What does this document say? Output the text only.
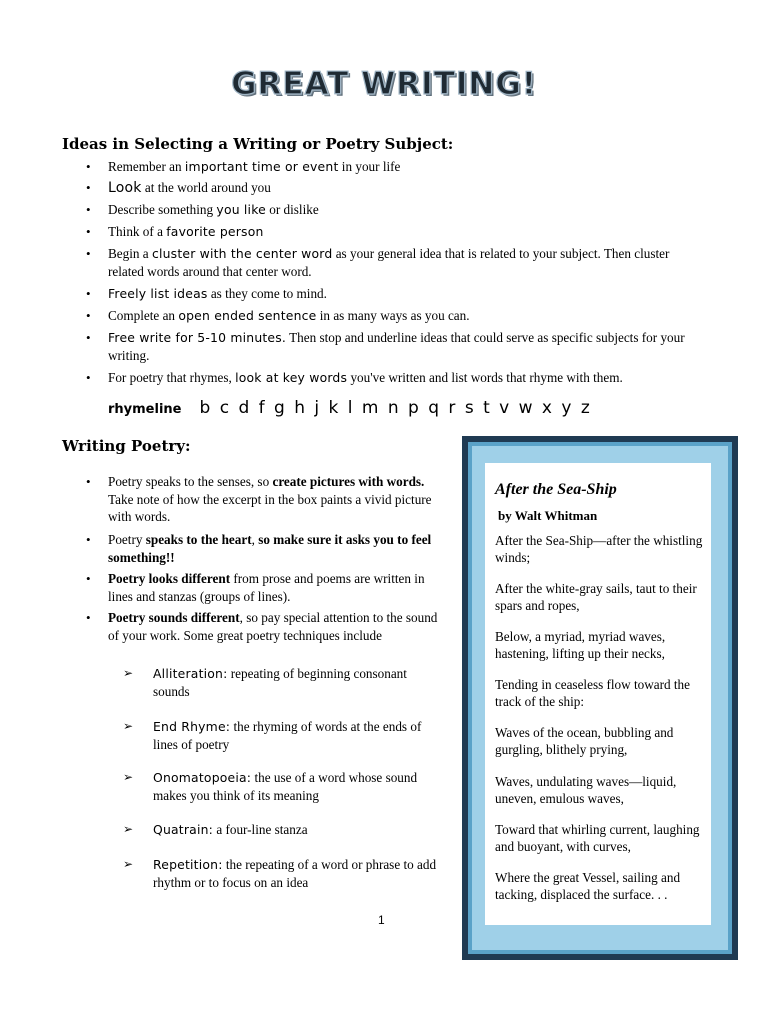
GREAT WRITING!
Ideas in Selecting a Writing or Poetry Subject:
• Remember an important time or event in your life
• Look at the world around you
• Describe something you like or dislike
• Think of a favorite person
• Begin a cluster with the center word as your general idea that is related to your subject. Then cluster related words around that center word.
• Freely list ideas as they come to mind.
• Complete an open ended sentence in as many ways as you can.
• Free write for 5-10 minutes. Then stop and underline ideas that could serve as specific subjects for your writing.
• For poetry that rhymes, look at key words you've written and list words that rhyme with them.
rhymeline b c d f g h j k l m n p q r s t v w x y z
Writing Poetry:
• Poetry speaks to the senses, so create pictures with words. Take note of how the excerpt in the box paints a vivid picture with words.
• Poetry speaks to the heart, so make sure it asks you to feel something!!
• Poetry looks different from prose and poems are written in lines and stanzas (groups of lines).
• Poetry sounds different, so pay special attention to the sound of your work. Some great poetry techniques include
➢ Alliteration: repeating of beginning consonant sounds
➢ End Rhyme: the rhyming of words at the ends of lines of poetry
➢ Onomatopoeia: the use of a word whose sound makes you think of its meaning
➢ Quatrain: a four-line stanza
➢ Repetition: the repeating of a word or phrase to add rhythm or to focus on an idea
1
After the Sea-Ship
by Walt Whitman
After the Sea-Ship—after the whistling winds;
After the white-gray sails, taut to their spars and ropes,
Below, a myriad, myriad waves, hastening, lifting up their necks,
Tending in ceaseless flow toward the track of the ship:
Waves of the ocean, bubbling and gurgling, blithely prying,
Waves, undulating waves—liquid, uneven, emulous waves,
Toward that whirling current, laughing and buoyant, with curves,
Where the great Vessel, sailing and tacking, displaced the surface. . .
